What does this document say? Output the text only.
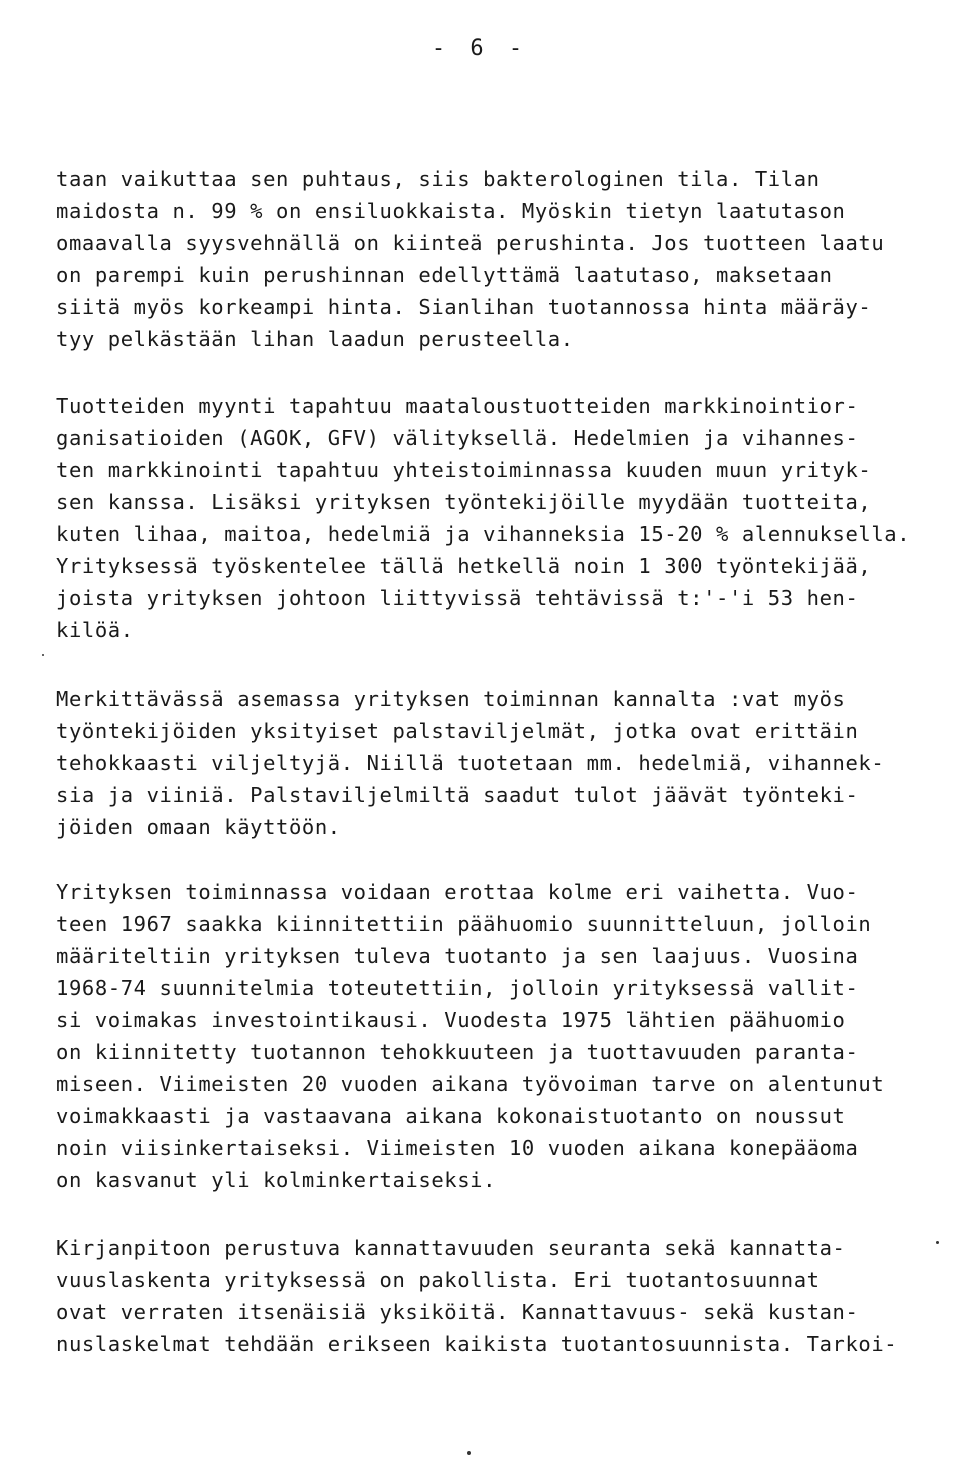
- 6 -
taan vaikuttaa sen puhtaus, siis bakterologinen tila. Tilan
maidosta n. 99 % on ensiluokkaista. Myöskin tietyn laatutason
omaavalla syysvehnällä on kiinteä perushinta. Jos tuotteen laatu
on parempi kuin perushinnan edellyttämä laatutaso, maksetaan
siitä myös korkeampi hinta. Sianlihan tuotannossa hinta määräy-
tyy pelkästään lihan laadun perusteella.
Tuotteiden myynti tapahtuu maataloustuotteiden markkinointior-
ganisatioiden (AGOK, GFV) välityksellä. Hedelmien ja vihannes-
ten markkinointi tapahtuu yhteistoiminnassa kuuden muun yrityk-
sen kanssa. Lisäksi yrityksen työntekijöille myydään tuotteita,
kuten lihaa, maitoa, hedelmiä ja vihanneksia 15-20 % alennuksella.
Yrityksessä työskentelee tällä hetkellä noin 1 300 työntekijää,
joista yrityksen johtoon liittyvissä tehtävissä t:'-'i 53 hen-
kilöä.
Merkittävässä asemassa yrityksen toiminnan kannalta :vat myös
työntekijöiden yksityiset palstaviljelmät, jotka ovat erittäin
tehokkaasti viljeltyjä. Niillä tuotetaan mm. hedelmiä, vihannek-
sia ja viiniä. Palstaviljelmiltä saadut tulot jäävät työnteki-
jöiden omaan käyttöön.
Yrityksen toiminnassa voidaan erottaa kolme eri vaihetta. Vuo-
teen 1967 saakka kiinnitettiin päähuomio suunnitteluun, jolloin
määriteltiin yrityksen tuleva tuotanto ja sen laajuus. Vuosina
1968-74 suunnitelmia toteutettiin, jolloin yrityksessä vallit-
si voimakas investointikausi. Vuodesta 1975 lähtien päähuomio
on kiinnitetty tuotannon tehokkuuteen ja tuottavuuden paranta-
miseen. Viimeisten 20 vuoden aikana työvoiman tarve on alentunut
voimakkaasti ja vastaavana aikana kokonaistuotanto on noussut
noin viisinkertaiseksi. Viimeisten 10 vuoden aikana konepääoma
on kasvanut yli kolminkertaiseksi.
Kirjanpitoon perustuva kannattavuuden seuranta sekä kannatta-
vuuslaskenta yrityksessä on pakollista. Eri tuotantosuunnat
ovat verraten itsenäisiä yksiköitä. Kannattavuus- sekä kustan-
nuslaskelmat tehdään erikseen kaikista tuotantosuunnista. Tarkoi-
